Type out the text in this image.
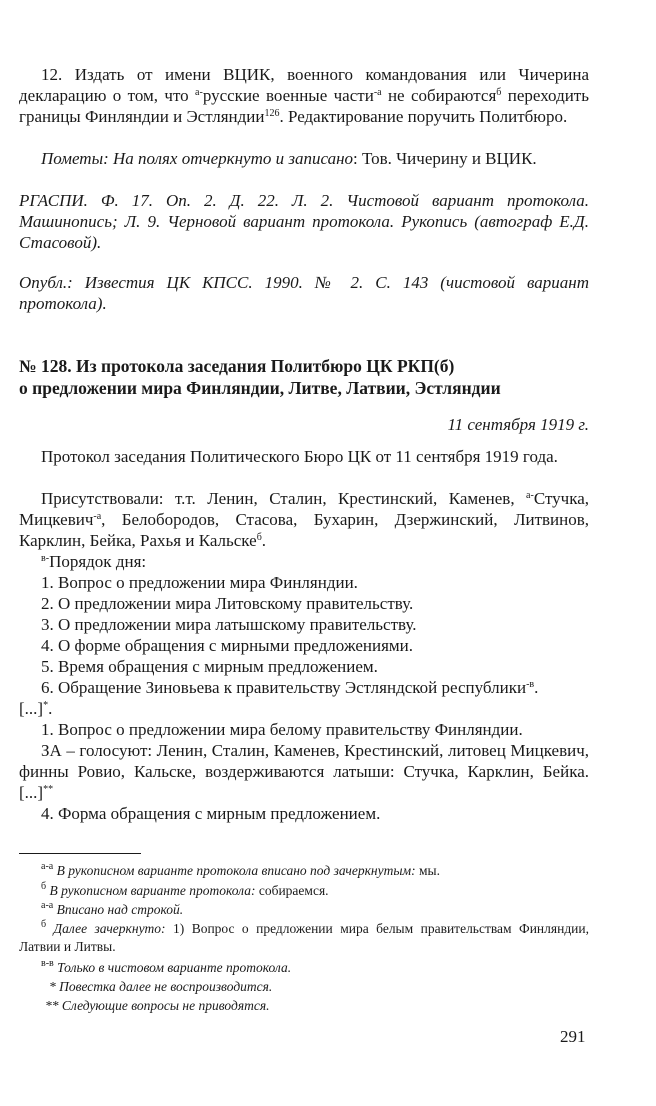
12. Издать от имени ВЦИК, военного командования или Чичерина декларацию о том, что $^{а-}$русские военные части$^{-а}$ не собираются$^б$ переходить границы Финляндии и Эстляндии$^{126}$. Редактирование поручить Политбюро.

Пометы: На полях отчеркнуто и записано: Тов. Чичерину и ВЦИК.

РГАСПИ. Ф. 17. Оп. 2. Д. 22. Л. 2. Чистовой вариант протокола. Машинопись; Л. 9. Черновой вариант протокола. Рукопись (автограф Е.Д. Стасовой).

Опубл.: Известия ЦК КПСС. 1990. № 2. С. 143 (чистовой вариант протокола).

№ 128. Из протокола заседания Политбюро ЦК РКП(б)
о предложении мира Финляндии, Литве, Латвии, Эстляндии
11 сентября 1919 г.

Протокол заседания Политического Бюро ЦК от 11 сентября 1919 года.

Присутствовали: т.т. Ленин, Сталин, Крестинский, Каменев, $^{а-}$Стучка, Мицкевич$^{-а}$, Белобородов, Стасова, Бухарин, Дзержинский, Литвинов, Карклин, Бейка, Рахья и Кальске$^б$.

$^{в-}$Порядок дня:
1. Вопрос о предложении мира Финляндии.
2. О предложении мира Литовскому правительству.
3. О предложении мира латышскому правительству.
4. О форме обращения с мирными предложениями.
5. Время обращения с мирным предложением.
6. Обращение Зиновьева к правительству Эстляндской республики$^{-в}$.
[...]*.
1. Вопрос о предложении мира белому правительству Финляндии.

ЗА – голосуют: Ленин, Сталин, Каменев, Крестинский, литовец Мицкевич, финны Ровио, Кальске, воздерживаются латыши: Стучка, Карклин, Бейка. [...]**

4. Форма обращения с мирным предложением.
$^{а-а}$ В рукописном варианте протокола вписано под зачеркнутым: мы.
$^б$ В рукописном варианте протокола: собираемся.
$^{а-а}$ Вписано над строкой.
$^б$ Далее зачеркнуто: 1) Вопрос о предложении мира белым правительствам Финляндии, Латвии и Литвы.
$^{в-в}$ Только в чистовом варианте протокола.
* Повестка далее не воспроизводится.
** Следующие вопросы не приводятся.
291
